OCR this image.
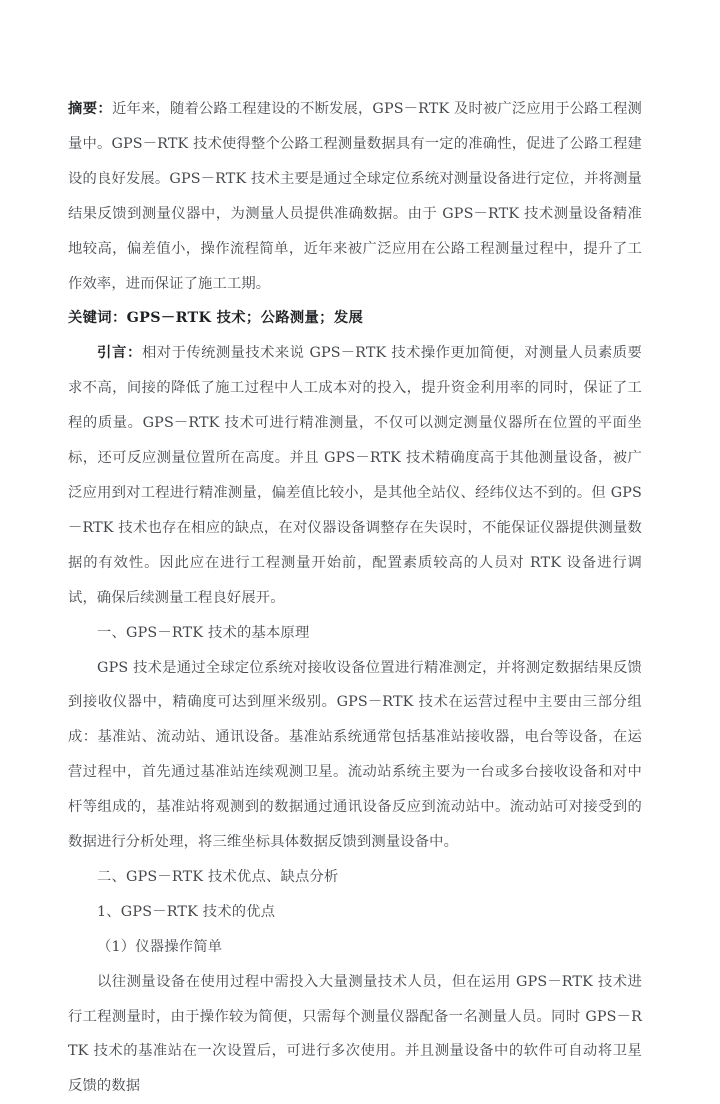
摘要：近年来，随着公路工程建设的不断发展，GPS－RTK 及时被广泛应用于公路工程测量中。GPS－RTK 技术使得整个公路工程测量数据具有一定的准确性，促进了公路工程建设的良好发展。GPS－RTK 技术主要是通过全球定位系统对测量设备进行定位，并将测量结果反馈到测量仪器中，为测量人员提供准确数据。由于 GPS－RTK 技术测量设备精准地较高，偏差值小，操作流程简单，近年来被广泛应用在公路工程测量过程中，提升了工作效率，进而保证了施工工期。

关键词：GPS－RTK 技术；公路测量；发展

引言：相对于传统测量技术来说 GPS－RTK 技术操作更加简便，对测量人员素质要求不高，间接的降低了施工过程中人工成本对的投入，提升资金利用率的同时，保证了工程的质量。GPS－RTK 技术可进行精准测量，不仅可以测定测量仪器所在位置的平面坐标，还可反应测量位置所在高度。并且 GPS－RTK 技术精确度高于其他测量设备，被广泛应用到对工程进行精准测量，偏差值比较小，是其他全站仪、经纬仪达不到的。但 GPS－RTK 技术也存在相应的缺点，在对仪器设备调整存在失误时，不能保证仪器提供测量数据的有效性。因此应在进行工程测量开始前，配置素质较高的人员对 RTK 设备进行调试，确保后续测量工程良好展开。

一、GPS－RTK 技术的基本原理

GPS 技术是通过全球定位系统对接收设备位置进行精准测定，并将测定数据结果反馈到接收仪器中，精确度可达到厘米级别。GPS－RTK 技术在运营过程中主要由三部分组成：基准站、流动站、通讯设备。基准站系统通常包括基准站接收器，电台等设备，在运营过程中，首先通过基准站连续观测卫星。流动站系统主要为一台或多台接收设备和对中杆等组成的，基准站将观测到的数据通过通讯设备反应到流动站中。流动站可对接受到的数据进行分析处理，将三维坐标具体数据反馈到测量设备中。

二、GPS－RTK 技术优点、缺点分析

1、GPS－RTK 技术的优点

（1）仪器操作简单

以往测量设备在使用过程中需投入大量测量技术人员，但在运用 GPS－RTK 技术进行工程测量时，由于操作较为简便，只需每个测量仪器配备一名测量人员。同时 GPS－RTK 技术的基准站在一次设置后，可进行多次使用。并且测量设备中的软件可自动将卫星反馈的数据
